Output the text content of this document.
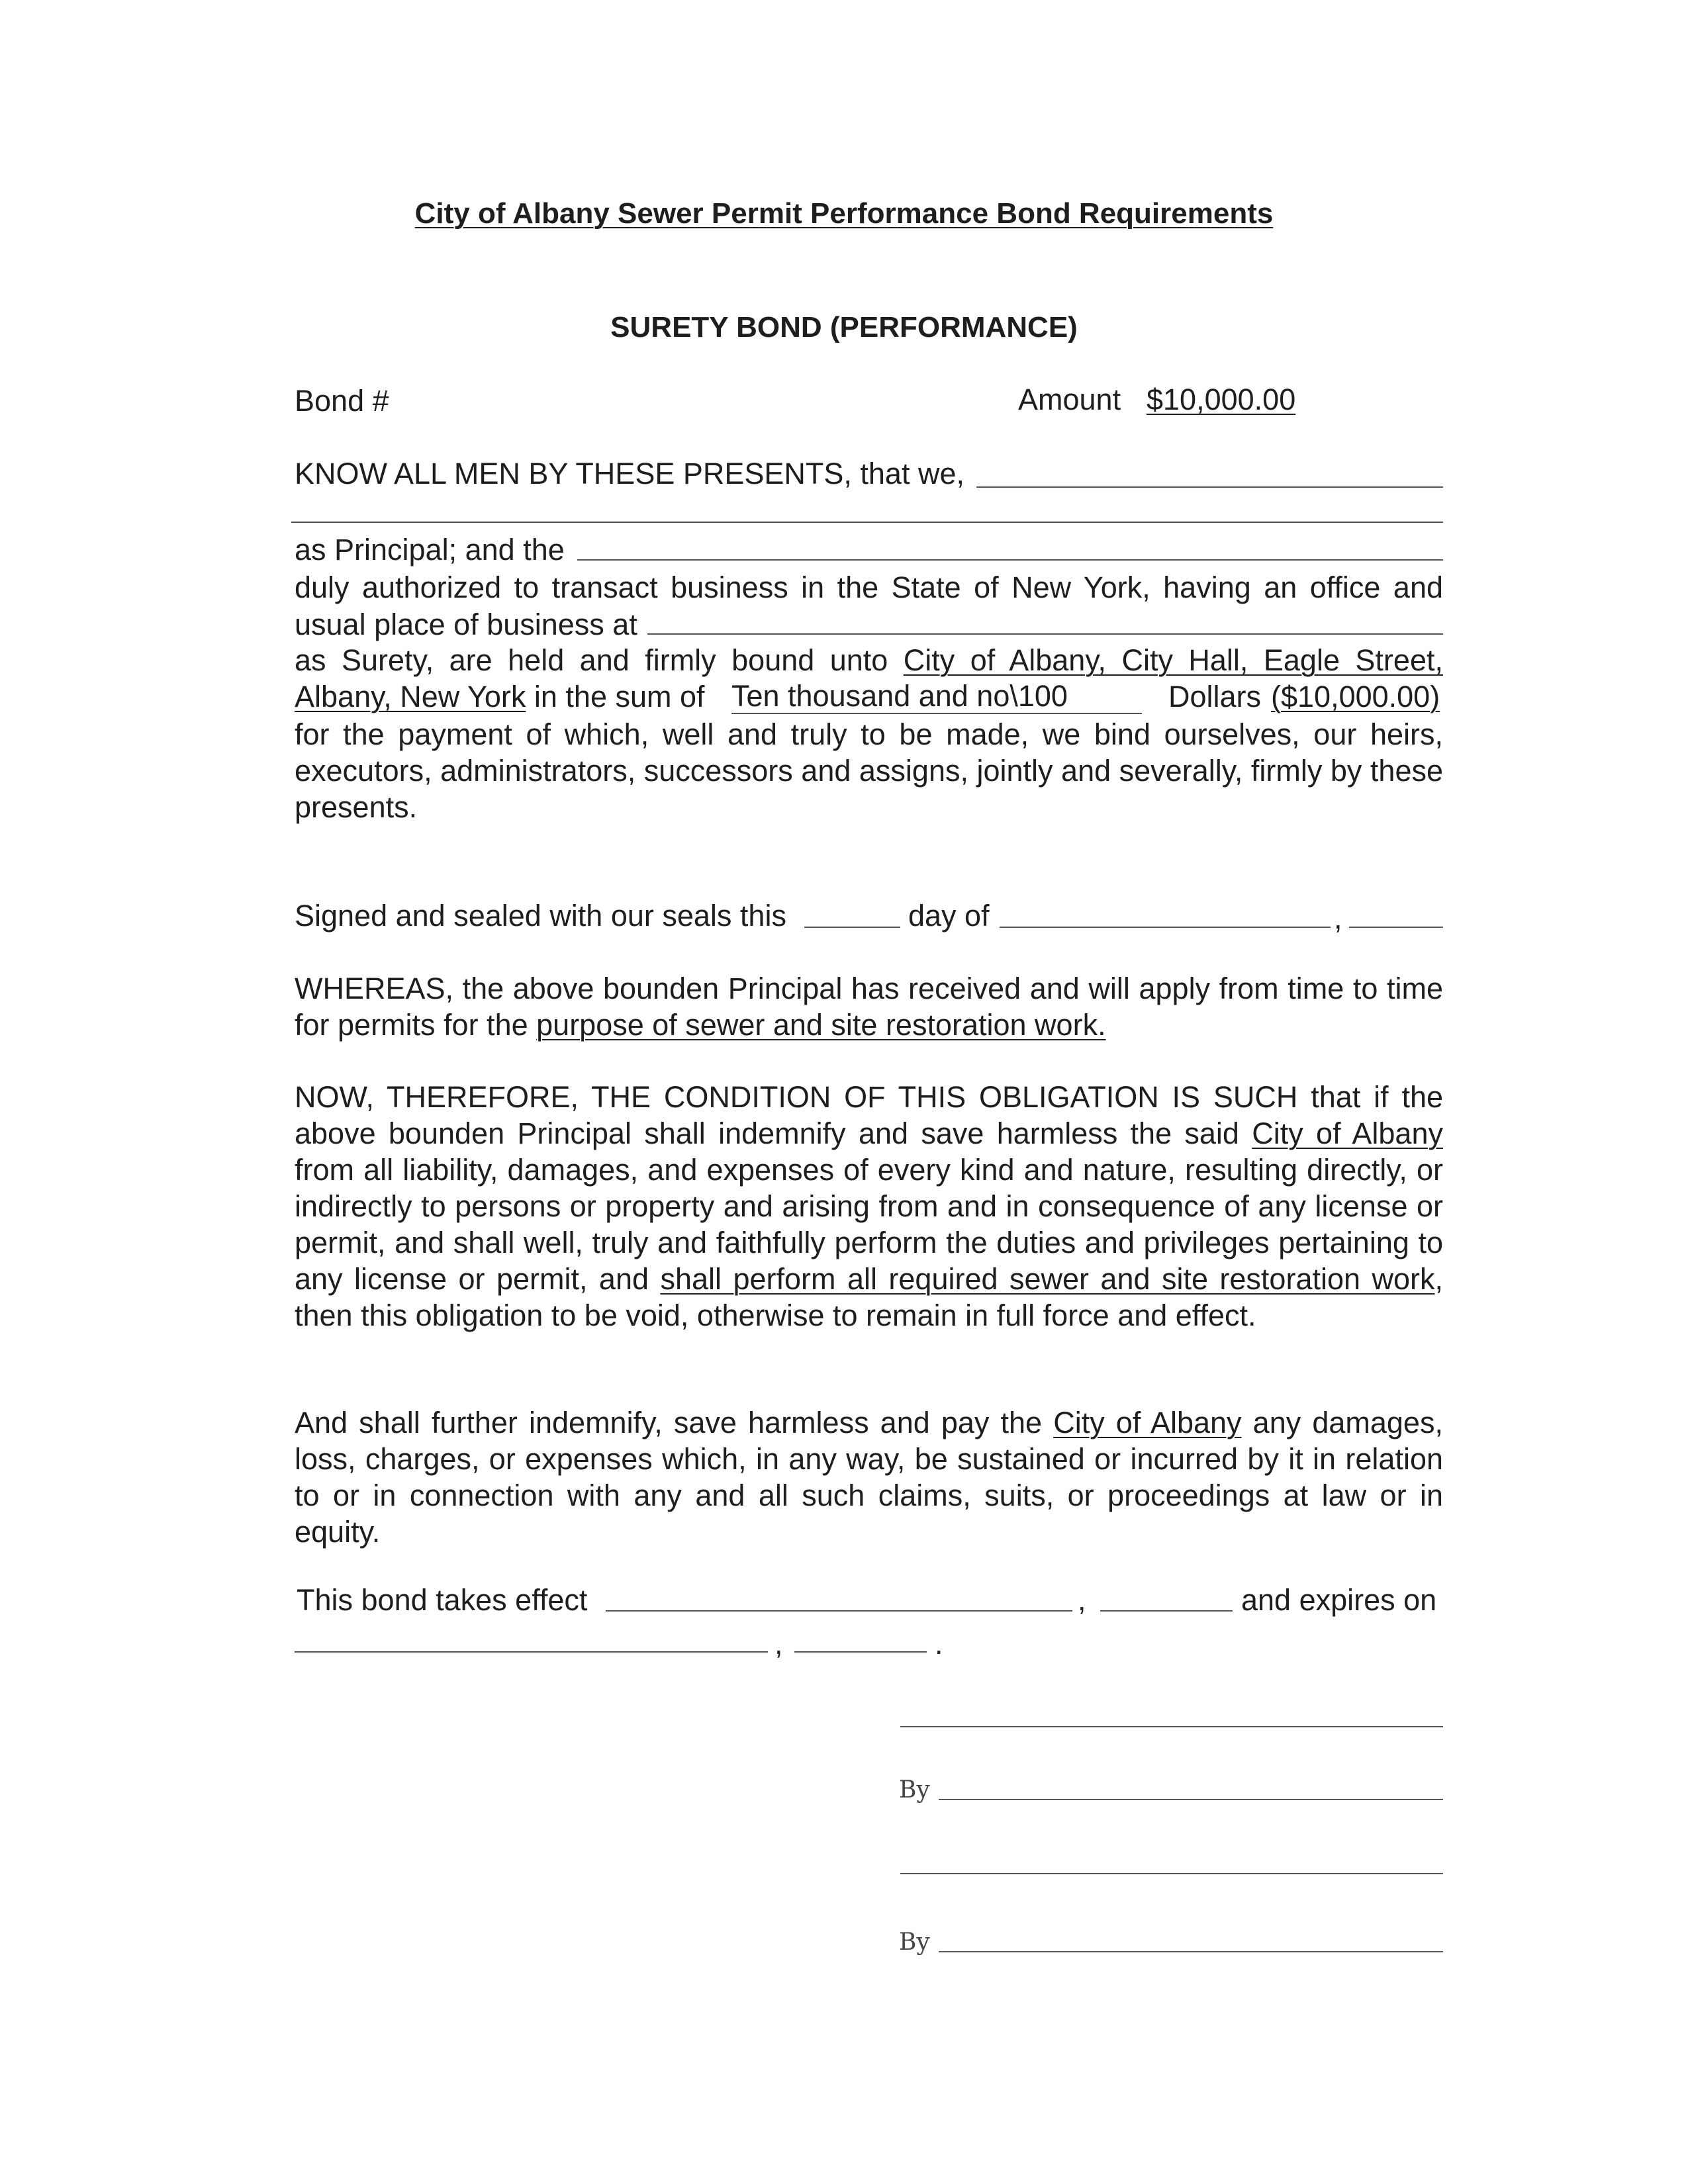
City of Albany Sewer Permit Performance Bond Requirements
SURETY BOND (PERFORMANCE)
Bond #	Amount $10,000.00
KNOW ALL MEN BY THESE PRESENTS, that we,
as Principal; and the
duly authorized to transact business in the State of New York, having an office and
usual place of business at
as Surety, are held and firmly bound unto City of Albany, City Hall, Eagle Street,
Albany, New York in the sum of Ten thousand and no\100	Dollars ($10,000.00)

for the payment of which, well and truly to be made, we bind ourselves, our heirs, executors, administrators, successors and assigns, jointly and severally, firmly by these presents.

Signed and sealed with our seals this	day of	,

WHEREAS, the above bounden Principal has received and will apply from time to time for permits for the purpose of sewer and site restoration work.

NOW, THEREFORE, THE CONDITION OF THIS OBLIGATION IS SUCH that if the above bounden Principal shall indemnify and save harmless the said City of Albany from all liability, damages, and expenses of every kind and nature, resulting directly, or indirectly to persons or property and arising from and in consequence of any license or permit, and shall well, truly and faithfully perform the duties and privileges pertaining to any license or permit, and shall perform all required sewer and site restoration work, then this obligation to be void, otherwise to remain in full force and effect.

And shall further indemnify, save harmless and pay the City of Albany any damages, loss, charges, or expenses which, in any way, be sustained or incurred by it in relation to or in connection with any and all such claims, suits, or proceedings at law or in equity.

This bond takes effect	,	and expires on
,	.
By
By
